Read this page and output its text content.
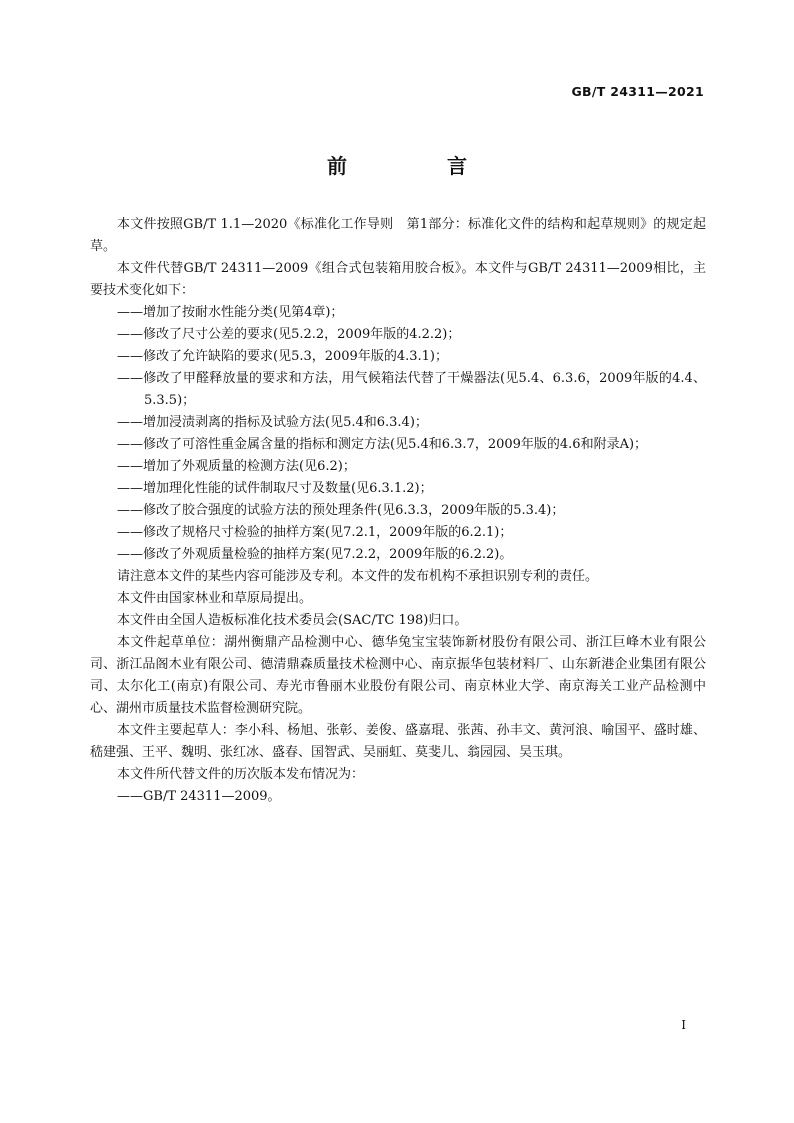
GB/T 24311—2021
前　言

本文件按照GB/T 1.1—2020《标准化工作导则　第1部分：标准化文件的结构和起草规则》的规定起草。

本文件代替GB/T 24311—2009《组合式包装箱用胶合板》。本文件与GB/T 24311—2009相比，主要技术变化如下：

——增加了按耐水性能分类(见第4章)；

——修改了尺寸公差的要求(见5.2.2，2009年版的4.2.2)；

——修改了允许缺陷的要求(见5.3，2009年版的4.3.1)；

——修改了甲醛释放量的要求和方法，用气候箱法代替了干燥器法(见5.4、6.3.6，2009年版的4.4、5.3.5)；

——增加浸渍剥离的指标及试验方法(见5.4和6.3.4)；

——修改了可溶性重金属含量的指标和测定方法(见5.4和6.3.7，2009年版的4.6和附录A)；

——增加了外观质量的检测方法(见6.2)；

——增加理化性能的试件制取尺寸及数量(见6.3.1.2)；

——修改了胶合强度的试验方法的预处理条件(见6.3.3，2009年版的5.3.4)；

——修改了规格尺寸检验的抽样方案(见7.2.1，2009年版的6.2.1)；

——修改了外观质量检验的抽样方案(见7.2.2，2009年版的6.2.2)。

请注意本文件的某些内容可能涉及专利。本文件的发布机构不承担识别专利的责任。

本文件由国家林业和草原局提出。

本文件由全国人造板标准化技术委员会(SAC/TC 198)归口。

本文件起草单位：湖州衡鼎产品检测中心、德华兔宝宝装饰新材股份有限公司、浙江巨峰木业有限公司、浙江品阁木业有限公司、德清鼎森质量技术检测中心、南京振华包装材料厂、山东新港企业集团有限公司、太尔化工(南京)有限公司、寿光市鲁丽木业股份有限公司、南京林业大学、南京海关工业产品检测中心、湖州市质量技术监督检测研究院。

本文件主要起草人：李小科、杨旭、张彰、姜俊、盛嘉琨、张茜、孙丰文、黄河浪、喻国平、盛时雄、嵇建强、王平、魏明、张红冰、盛春、国智武、吴丽虹、莫斐儿、翁园园、吴玉琪。

本文件所代替文件的历次版本发布情况为：

——GB/T 24311—2009。

I
